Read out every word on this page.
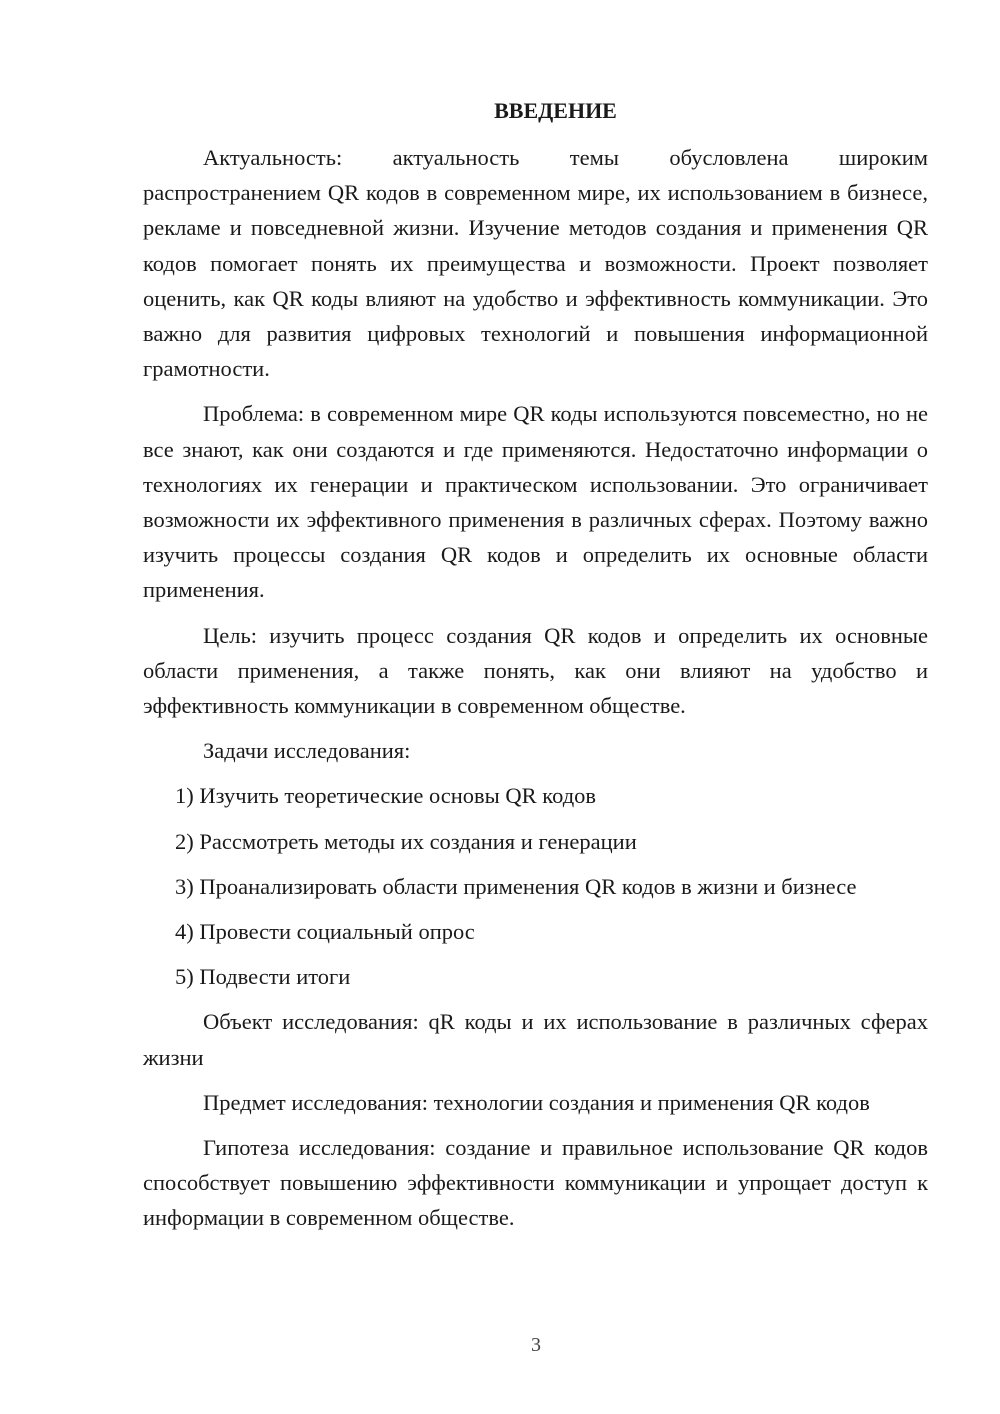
ВВЕДЕНИЕ

Актуальность: актуальность темы обусловлена широким распространением QR кодов в современном мире, их использованием в бизнесе, рекламе и повседневной жизни. Изучение методов создания и применения QR кодов помогает понять их преимущества и возможности. Проект позволяет оценить, как QR коды влияют на удобство и эффективность коммуникации. Это важно для развития цифровых технологий и повышения информационной грамотности.

Проблема: в современном мире QR коды используются повсеместно, но не все знают, как они создаются и где применяются. Недостаточно информации о технологиях их генерации и практическом использовании. Это ограничивает возможности их эффективного применения в различных сферах. Поэтому важно изучить процессы создания QR кодов и определить их основные области применения.

Цель: изучить процесс создания QR кодов и определить их основные области применения, а также понять, как они влияют на удобство и эффективность коммуникации в современном обществе.

Задачи исследования:

1) Изучить теоретические основы QR кодов

2) Рассмотреть методы их создания и генерации

3) Проанализировать области применения QR кодов в жизни и бизнесе

4) Провести социальный опрос

5) Подвести итоги

Объект исследования: qR коды и их использование в различных сферах жизни

Предмет исследования: технологии создания и применения QR кодов

Гипотеза исследования: создание и правильное использование QR кодов способствует повышению эффективности коммуникации и упрощает доступ к информации в современном обществе.

3
